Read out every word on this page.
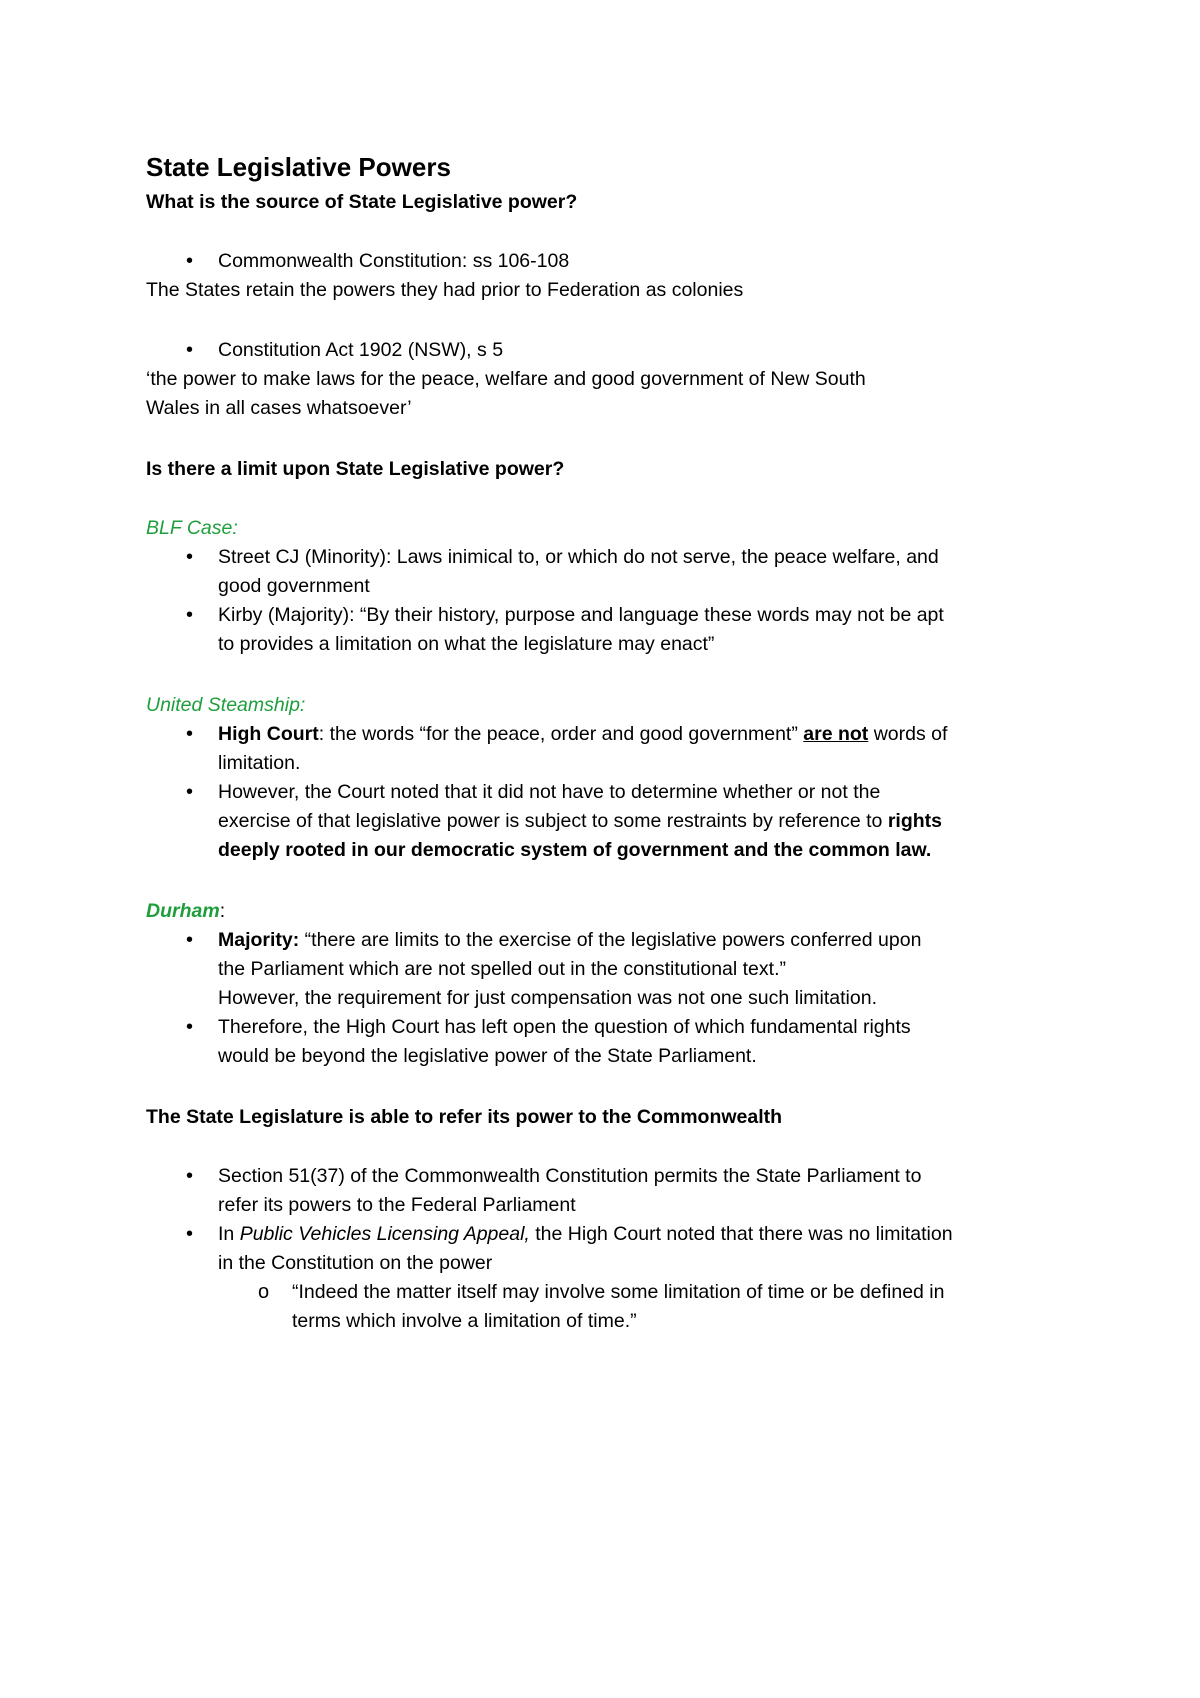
State Legislative Powers
What is the source of State Legislative power?
• Commonwealth Constitution: ss 106-108
The States retain the powers they had prior to Federation as colonies
• Constitution Act 1902 (NSW), s 5
‘the power to make laws for the peace, welfare and good government of New South
Wales in all cases whatsoever’
Is there a limit upon State Legislative power?
BLF Case:
• Street CJ (Minority): Laws inimical to, or which do not serve, the peace welfare, and
good government
• Kirby (Majority): “By their history, purpose and language these words may not be apt
to provides a limitation on what the legislature may enact”
United Steamship:
• High Court: the words “for the peace, order and good government” are not words of
limitation.
• However, the Court noted that it did not have to determine whether or not the
exercise of that legislative power is subject to some restraints by reference to rights
deeply rooted in our democratic system of government and the common law.
Durham:
• Majority: “there are limits to the exercise of the legislative powers conferred upon
the Parliament which are not spelled out in the constitutional text.”
However, the requirement for just compensation was not one such limitation.
• Therefore, the High Court has left open the question of which fundamental rights
would be beyond the legislative power of the State Parliament.
The State Legislature is able to refer its power to the Commonwealth
• Section 51(37) of the Commonwealth Constitution permits the State Parliament to
refer its powers to the Federal Parliament
• In Public Vehicles Licensing Appeal, the High Court noted that there was no limitation
in the Constitution on the power
o “Indeed the matter itself may involve some limitation of time or be defined in
terms which involve a limitation of time.”
